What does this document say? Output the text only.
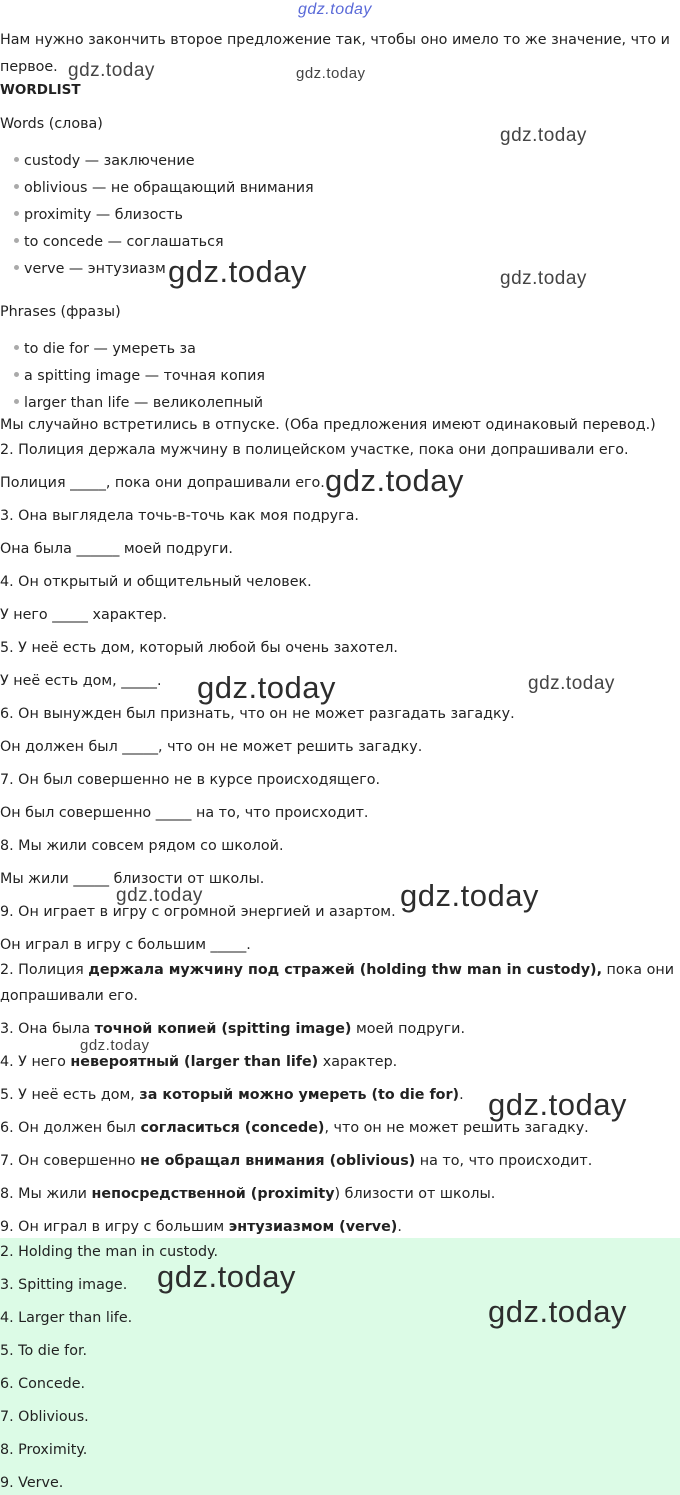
Нам нужно закончить второе предложение так, чтобы оно имело то же значение, что и
первое.
WORDLIST
Words (слова)
custody — заключение
oblivious — не обращающий внимания
proximity — близость
to concede — соглашаться
verve — энтузиазм
Phrases (фразы)
to die for — умереть за
a spitting image — точная копия
larger than life — великолепный
Мы случайно встретились в отпуске. (Оба предложения имеют одинаковый перевод.)
2. Полиция держала мужчину в полицейском участке, пока они допрашивали его.
Полиция _____, пока они допрашивали его.
3. Она выглядела точь-в-точь как моя подруга.
Она была ______ моей подруги.
4. Он открытый и общительный человек.
У него _____ характер.
5. У неё есть дом, который любой бы очень захотел.
У неё есть дом, _____.
6. Он вынужден был признать, что он не может разгадать загадку.
Он должен был _____, что он не может решить загадку.
7. Он был совершенно не в курсе происходящего.
Он был совершенно _____ на то, что происходит.
8. Мы жили совсем рядом со школой.
Мы жили _____ близости от школы.
9. Он играет в игру с огромной энергией и азартом.
Он играл в игру с большим _____.
2. Полиция держала мужчину под стражей (holding thw man in custody), пока они
допрашивали его.
3. Она была точной копией (spitting image) моей подруги.
4. У него невероятный (larger than life) характер.
5. У неё есть дом, за который можно умереть (to die for).
6. Он должен был согласиться (concede), что он не может решить загадку.
7. Он совершенно не обращал внимания (oblivious) на то, что происходит.
8. Мы жили непосредственной (proximity) близости от школы.
9. Он играл в игру с большим энтузиазмом (verve).
2. Holding the man in custody.
3. Spitting image.
4. Larger than life.
5. To die for.
6. Concede.
7. Oblivious.
8. Proximity.
9. Verve.
gdz.today
gdz.today	gdz.today
gdz.today
gdz.today	gdz.today
gdz.today
gdz.today	gdz.today
gdz.today	gdz.today
gdz.today
gdz.today
gdz.today
gdz.today
